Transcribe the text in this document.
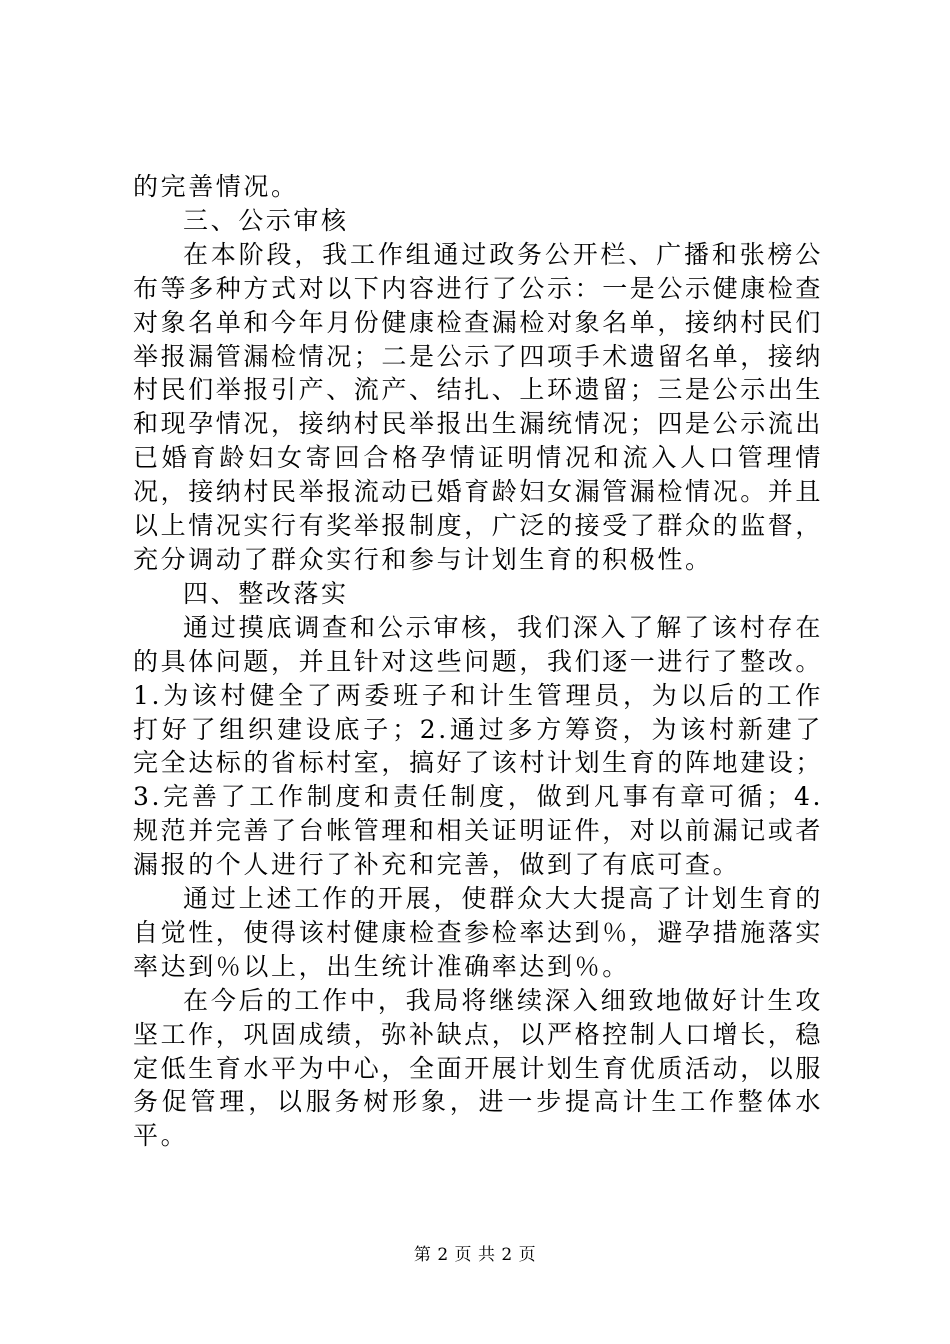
的完善情况。

三、公示审核

在本阶段，我工作组通过政务公开栏、广播和张榜公布等多种方式对以下内容进行了公示：一是公示健康检查对象名单和今年月份健康检查漏检对象名单，接纳村民们举报漏管漏检情况；二是公示了四项手术遗留名单，接纳村民们举报引产、流产、结扎、上环遗留；三是公示出生和现孕情况，接纳村民举报出生漏统情况；四是公示流出已婚育龄妇女寄回合格孕情证明情况和流入人口管理情况，接纳村民举报流动已婚育龄妇女漏管漏检情况。并且以上情况实行有奖举报制度，广泛的接受了群众的监督，充分调动了群众实行和参与计划生育的积极性。

四、整改落实

通过摸底调查和公示审核，我们深入了解了该村存在的具体问题，并且针对这些问题，我们逐一进行了整改。1.为该村健全了两委班子和计生管理员，为以后的工作打好了组织建设底子；2.通过多方筹资，为该村新建了完全达标的省标村室，搞好了该村计划生育的阵地建设；3.完善了工作制度和责任制度，做到凡事有章可循；4.规范并完善了台帐管理和相关证明证件，对以前漏记或者漏报的个人进行了补充和完善，做到了有底可查。

通过上述工作的开展，使群众大大提高了计划生育的自觉性，使得该村健康检查参检率达到％，避孕措施落实率达到％以上，出生统计准确率达到％。

在今后的工作中，我局将继续深入细致地做好计生攻坚工作，巩固成绩，弥补缺点，以严格控制人口增长，稳定低生育水平为中心，全面开展计划生育优质活动，以服务促管理，以服务树形象，进一步提高计生工作整体水平。

第 2 页 共 2 页
